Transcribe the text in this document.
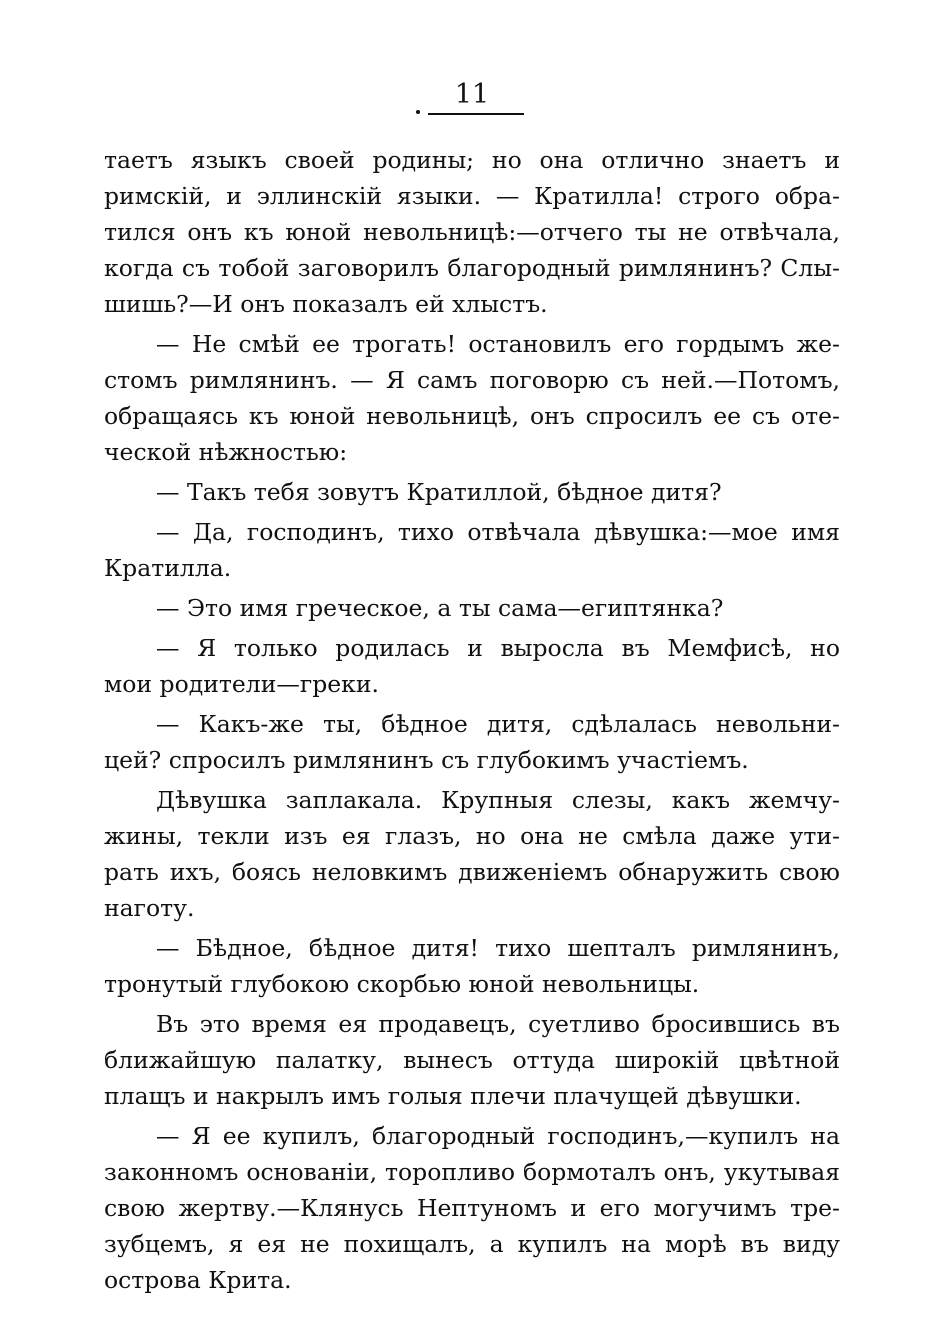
11
таетъ языкъ своей родины; но она отлично знаетъ и
римскій, и эллинскій языки. — Кратилла! строго обра-
тился онъ къ юной невольницѣ:—отчего ты не отвѣчала,
когда съ тобой заговорилъ благородный римлянинъ? Слы-
шишь?—И онъ показалъ ей хлыстъ.
— Не смѣй ее трогать! остановилъ его гордымъ же-
стомъ римлянинъ. — Я самъ поговорю съ ней.—Потомъ,
обращаясь къ юной невольницѣ, онъ спросилъ ее съ оте-
ческой нѣжностью:
— Такъ тебя зовутъ Кратиллой, бѣдное дитя?
— Да, господинъ, тихо отвѣчала дѣвушка:—мое имя
Кратилла.
— Это имя греческое, а ты сама—египтянка?
— Я только родилась и выросла въ Мемфисѣ, но
мои родители—греки.
— Какъ-же ты, бѣдное дитя, сдѣлалась невольни-
цей? спросилъ римлянинъ съ глубокимъ участіемъ.
Дѣвушка заплакала. Крупныя слезы, какъ жемчу-
жины, текли изъ ея глазъ, но она не смѣла даже ути-
рать ихъ, боясь неловкимъ движеніемъ обнаружить свою
наготу.
— Бѣдное, бѣдное дитя! тихо шепталъ римлянинъ,
тронутый глубокою скорбью юной невольницы.
Въ это время ея продавецъ, суетливо бросившись въ
ближайшую палатку, вынесъ оттуда широкій цвѣтной
плащъ и накрылъ имъ голыя плечи плачущей дѣвушки.
— Я ее купилъ, благородный господинъ,—купилъ на
законномъ основаніи, торопливо бормоталъ онъ, укутывая
свою жертву.—Клянусь Нептуномъ и его могучимъ тре-
зубцемъ, я ея не похищалъ, а купилъ на морѣ въ виду
острова Крита.
